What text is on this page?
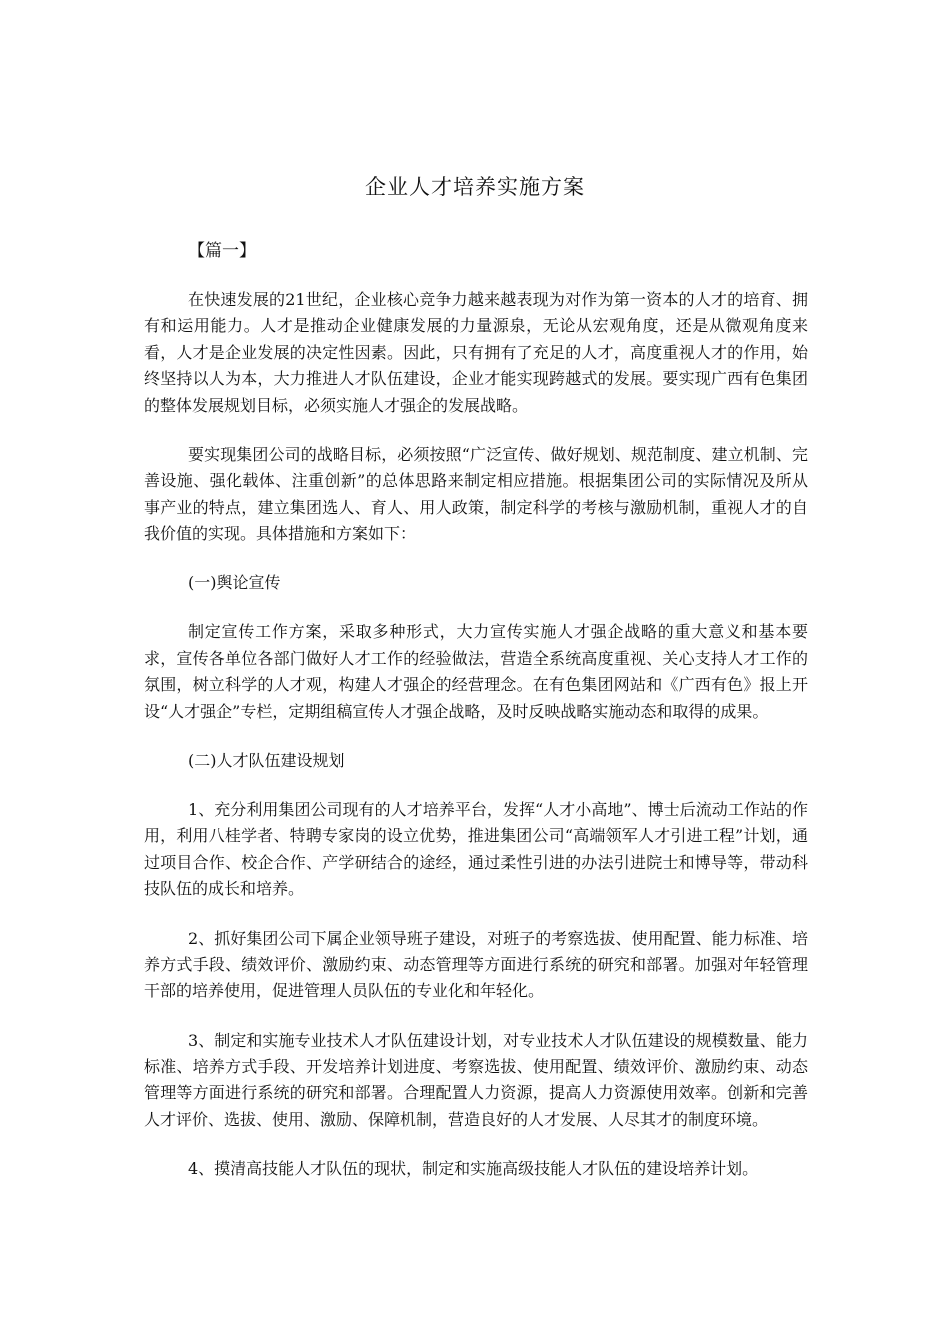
企业人才培养实施方案
【篇一】

在快速发展的21世纪，企业核心竞争力越来越表现为对作为第一资本的人才的培育、拥有和运用能力。人才是推动企业健康发展的力量源泉，无论从宏观角度，还是从微观角度来看，人才是企业发展的决定性因素。因此，只有拥有了充足的人才，高度重视人才的作用，始终坚持以人为本，大力推进人才队伍建设，企业才能实现跨越式的发展。要实现广西有色集团的整体发展规划目标，必须实施人才强企的发展战略。

要实现集团公司的战略目标，必须按照“广泛宣传、做好规划、规范制度、建立机制、完善设施、强化载体、注重创新”的总体思路来制定相应措施。根据集团公司的实际情况及所从事产业的特点，建立集团选人、育人、用人政策，制定科学的考核与激励机制，重视人才的自我价值的实现。具体措施和方案如下：

(一)舆论宣传

制定宣传工作方案，采取多种形式，大力宣传实施人才强企战略的重大意义和基本要求，宣传各单位各部门做好人才工作的经验做法，营造全系统高度重视、关心支持人才工作的氛围，树立科学的人才观，构建人才强企的经营理念。在有色集团网站和《广西有色》报上开设“人才强企”专栏，定期组稿宣传人才强企战略，及时反映战略实施动态和取得的成果。

(二)人才队伍建设规划

1、充分利用集团公司现有的人才培养平台，发挥“人才小高地”、博士后流动工作站的作用，利用八桂学者、特聘专家岗的设立优势，推进集团公司“高端领军人才引进工程”计划，通过项目合作、校企合作、产学研结合的途经，通过柔性引进的办法引进院士和博导等，带动科技队伍的成长和培养。

2、抓好集团公司下属企业领导班子建设，对班子的考察选拔、使用配置、能力标准、培养方式手段、绩效评价、激励约束、动态管理等方面进行系统的研究和部署。加强对年轻管理干部的培养使用，促进管理人员队伍的专业化和年轻化。

3、制定和实施专业技术人才队伍建设计划，对专业技术人才队伍建设的规模数量、能力标准、培养方式手段、开发培养计划进度、考察选拔、使用配置、绩效评价、激励约束、动态管理等方面进行系统的研究和部署。合理配置人力资源，提高人力资源使用效率。创新和完善人才评价、选拔、使用、激励、保障机制，营造良好的人才发展、人尽其才的制度环境。

4、摸清高技能人才队伍的现状，制定和实施高级技能人才队伍的建设培养计划。
